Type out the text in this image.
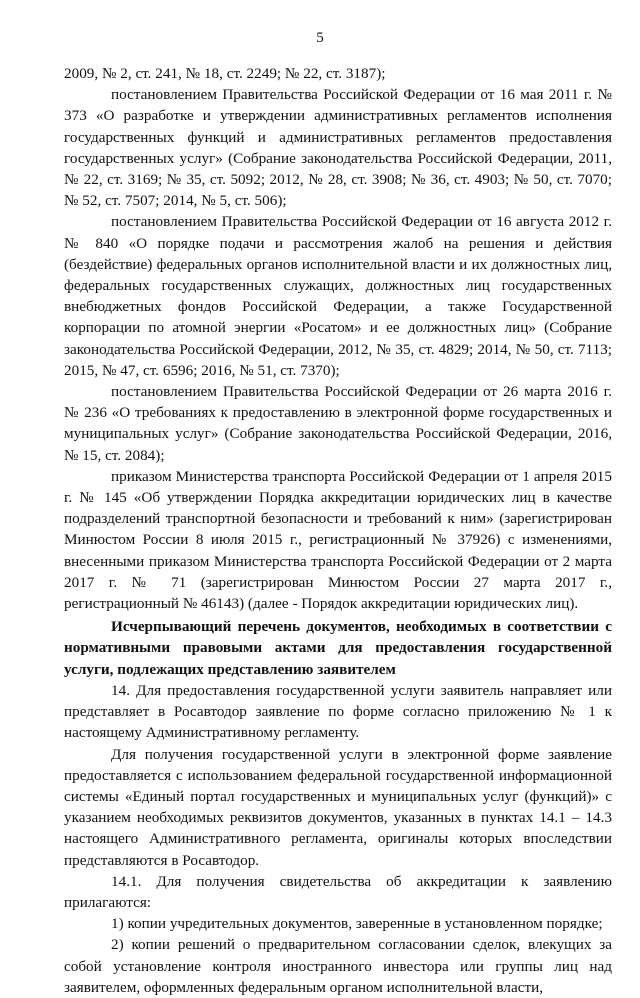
5

2009, № 2, ст. 241, № 18, ст. 2249; № 22, ст. 3187);

постановлением Правительства Российской Федерации от 16 мая 2011 г. № 373 «О разработке и утверждении административных регламентов исполнения государственных функций и административных регламентов предоставления государственных услуг» (Собрание законодательства Российской Федерации, 2011, № 22, ст. 3169; № 35, ст. 5092; 2012, № 28, ст. 3908; № 36, ст. 4903; № 50, ст. 7070; № 52, ст. 7507; 2014, № 5, ст. 506);

постановлением Правительства Российской Федерации от 16 августа 2012 г. № 840 «О порядке подачи и рассмотрения жалоб на решения и действия (бездействие) федеральных органов исполнительной власти и их должностных лиц, федеральных государственных служащих, должностных лиц государственных внебюджетных фондов Российской Федерации, а также Государственной корпорации по атомной энергии «Росатом» и ее должностных лиц» (Собрание законодательства Российской Федерации, 2012, № 35, ст. 4829; 2014, № 50, ст. 7113; 2015, № 47, ст. 6596; 2016, № 51, ст. 7370);

постановлением Правительства Российской Федерации от 26 марта 2016 г. № 236 «О требованиях к предоставлению в электронной форме государственных и муниципальных услуг» (Собрание законодательства Российской Федерации, 2016, № 15, ст. 2084);

приказом Министерства транспорта Российской Федерации от 1 апреля 2015 г. № 145 «Об утверждении Порядка аккредитации юридических лиц в качестве подразделений транспортной безопасности и требований к ним» (зарегистрирован Минюстом России 8 июля 2015 г., регистрационный № 37926) с изменениями, внесенными приказом Министерства транспорта Российской Федерации от 2 марта 2017 г. № 71 (зарегистрирован Минюстом России 27 марта 2017 г., регистрационный № 46143) (далее - Порядок аккредитации юридических лиц).

Исчерпывающий перечень документов, необходимых в соответствии с нормативными правовыми актами для предоставления государственной услуги, подлежащих представлению заявителем

14. Для предоставления государственной услуги заявитель направляет или представляет в Росавтодор заявление по форме согласно приложению № 1 к настоящему Административному регламенту.

Для получения государственной услуги в электронной форме заявление предоставляется с использованием федеральной государственной информационной системы «Единый портал государственных и муниципальных услуг (функций)» с указанием необходимых реквизитов документов, указанных в пунктах 14.1 – 14.3 настоящего Административного регламента, оригиналы которых впоследствии представляются в Росавтодор.

14.1. Для получения свидетельства об аккредитации к заявлению прилагаются:

1) копии учредительных документов, заверенные в установленном порядке;

2) копии решений о предварительном согласовании сделок, влекущих за собой установление контроля иностранного инвестора или группы лиц над заявителем, оформленных федеральным органом исполнительной власти,
